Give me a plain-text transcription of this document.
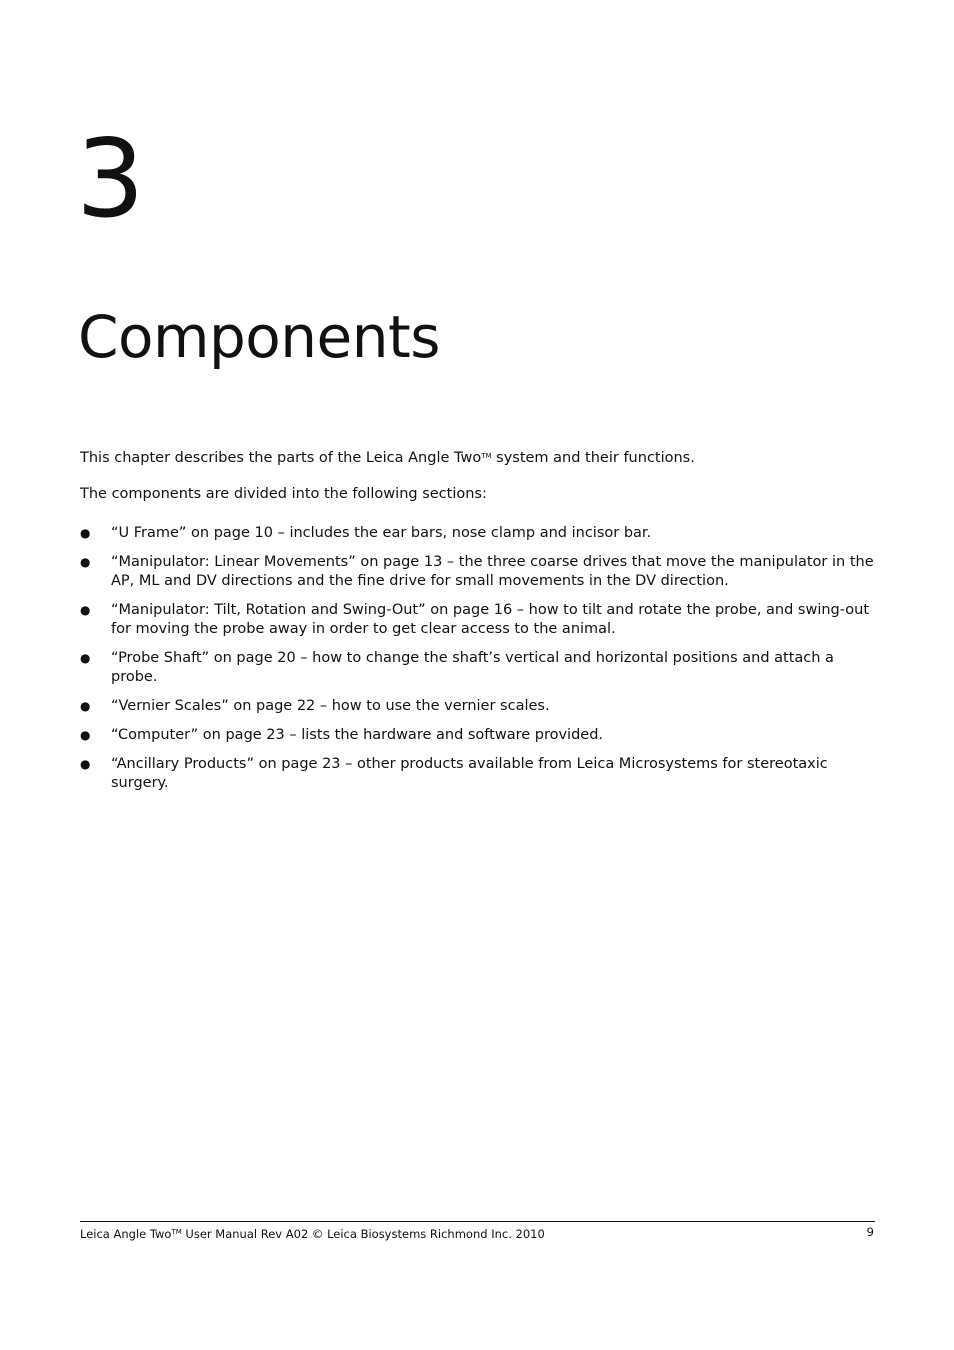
3
Components

This chapter describes the parts of the Leica Angle Two™ system and their functions.

The components are divided into the following sections:

● “U Frame” on page 10 – includes the ear bars, nose clamp and incisor bar.
● “Manipulator: Linear Movements” on page 13 – the three coarse drives that move the manipulator in the AP, ML and DV directions and the fine drive for small movements in the DV direction.
● “Manipulator: Tilt, Rotation and Swing-Out” on page 16 – how to tilt and rotate the probe, and swing-out for moving the probe away in order to get clear access to the animal.
● “Probe Shaft” on page 20 – how to change the shaft’s vertical and horizontal positions and attach a probe.
● “Vernier Scales” on page 22 – how to use the vernier scales.
● “Computer” on page 23 – lists the hardware and software provided.
● “Ancillary Products” on page 23 – other products available from Leica Microsystems for stereotaxic surgery.
Leica Angle Two™ User Manual Rev A02 © Leica Biosystems Richmond Inc. 2010	9
